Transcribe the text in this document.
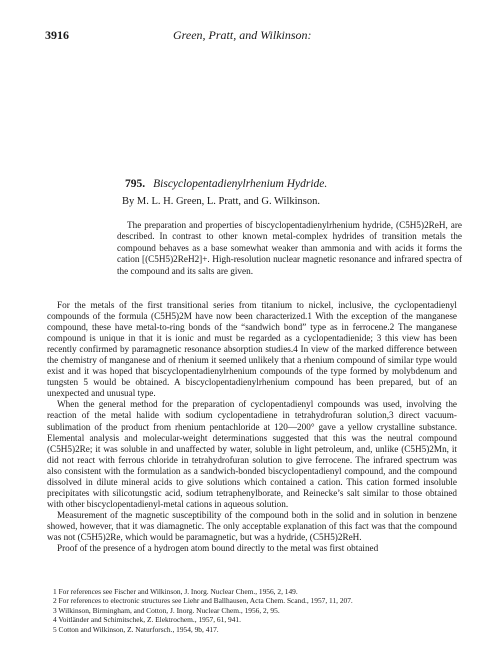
3916	Green, Pratt, and Wilkinson:
795. Biscyclopentadienylrhenium Hydride.
By M. L. H. Green, L. Pratt, and G. Wilkinson.
The preparation and properties of biscyclopentadienylrhenium hydride, (C5H5)2ReH, are described. In contrast to other known metal-complex hydrides of transition metals the compound behaves as a base somewhat weaker than ammonia and with acids it forms the cation [(C5H5)2ReH2]+. High-resolution nuclear magnetic resonance and infrared spectra of the compound and its salts are given.

For the metals of the first transitional series from titanium to nickel, inclusive, the cyclopentadienyl compounds of the formula (C5H5)2M have now been characterized.1 With the exception of the manganese compound, these have metal-to-ring bonds of the “sandwich bond” type as in ferrocene.2 The manganese compound is unique in that it is ionic and must be regarded as a cyclopentadienide; 3 this view has been recently confirmed by paramagnetic resonance absorption studies.4 In view of the marked difference between the chemistry of manganese and of rhenium it seemed unlikely that a rhenium compound of similar type would exist and it was hoped that biscyclopentadienylrhenium compounds of the type formed by molybdenum and tungsten 5 would be obtained. A biscyclopentadienylrhenium compound has been prepared, but of an unexpected and unusual type.

When the general method for the preparation of cyclopentadienyl compounds was used, involving the reaction of the metal halide with sodium cyclopentadiene in tetrahydrofuran solution,3 direct vacuum-sublimation of the product from rhenium pentachloride at 120—200° gave a yellow crystalline substance. Elemental analysis and molecular-weight determinations suggested that this was the neutral compound (C5H5)2Re; it was soluble in and unaffected by water, soluble in light petroleum, and, unlike (C5H5)2Mn, it did not react with ferrous chloride in tetrahydrofuran solution to give ferrocene. The infrared spectrum was also consistent with the formulation as a sandwich-bonded biscyclopentadienyl compound, and the compound dissolved in dilute mineral acids to give solutions which contained a cation. This cation formed insoluble precipitates with silicotungstic acid, sodium tetraphenylborate, and Reinecke’s salt similar to those obtained with other biscyclopentadienyl-metal cations in aqueous solution.

Measurement of the magnetic susceptibility of the compound both in the solid and in solution in benzene showed, however, that it was diamagnetic. The only acceptable explanation of this fact was that the compound was not (C5H5)2Re, which would be paramagnetic, but was a hydride, (C5H5)2ReH.

Proof of the presence of a hydrogen atom bound directly to the metal was first obtained

1 For references see Fischer and Wilkinson, J. Inorg. Nuclear Chem., 1956, 2, 149.
2 For references to electronic structures see Liehr and Ballhausen, Acta Chem. Scand., 1957, 11, 207.
3 Wilkinson, Birmingham, and Cotton, J. Inorg. Nuclear Chem., 1956, 2, 95.
4 Voitländer and Schimitschek, Z. Elektrochem., 1957, 61, 941.
5 Cotton and Wilkinson, Z. Naturforsch., 1954, 9b, 417.
